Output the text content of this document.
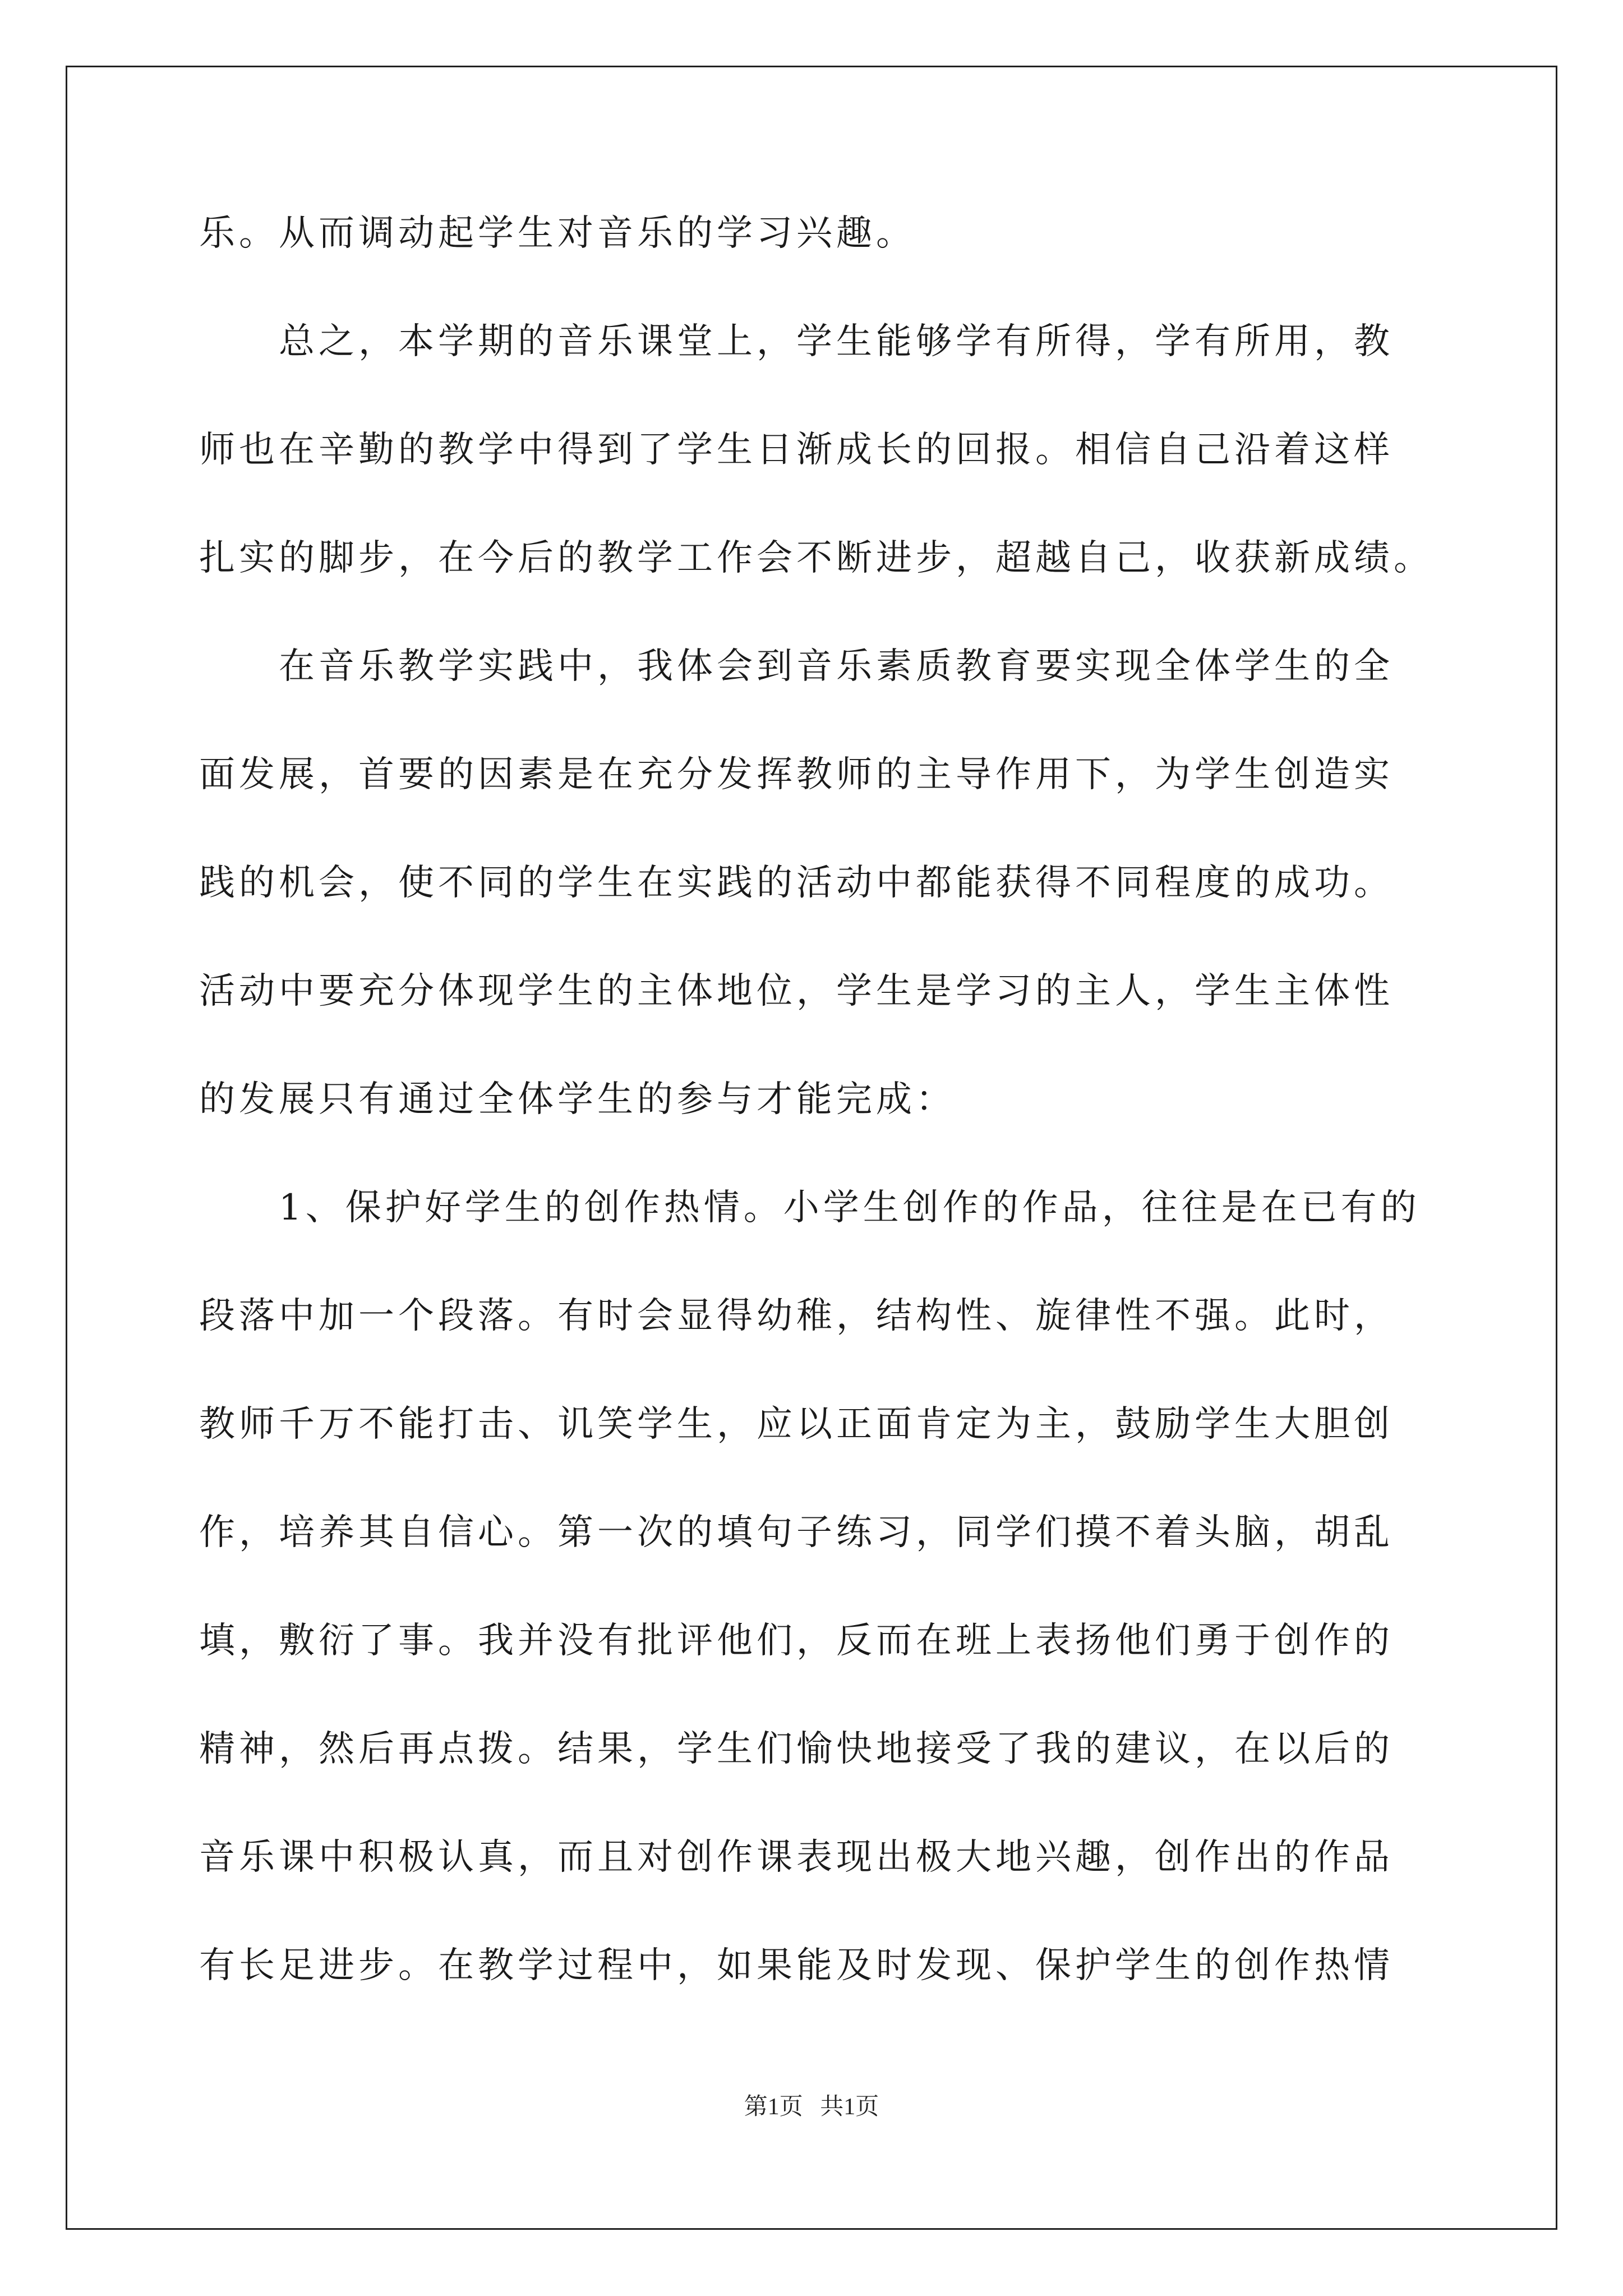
乐。从而调动起学生对音乐的学习兴趣。
　　总之，本学期的音乐课堂上，学生能够学有所得，学有所用，教
师也在辛勤的教学中得到了学生日渐成长的回报。相信自己沿着这样
扎实的脚步，在今后的教学工作会不断进步，超越自己，收获新成绩。
　　在音乐教学实践中，我体会到音乐素质教育要实现全体学生的全
面发展，首要的因素是在充分发挥教师的主导作用下，为学生创造实
践的机会，使不同的学生在实践的活动中都能获得不同程度的成功。
活动中要充分体现学生的主体地位，学生是学习的主人，学生主体性
的发展只有通过全体学生的参与才能完成：
　　1、保护好学生的创作热情。小学生创作的作品，往往是在已有的
段落中加一个段落。有时会显得幼稚，结构性、旋律性不强。此时，
教师千万不能打击、讥笑学生，应以正面肯定为主，鼓励学生大胆创
作，培养其自信心。第一次的填句子练习，同学们摸不着头脑，胡乱
填，敷衍了事。我并没有批评他们，反而在班上表扬他们勇于创作的
精神，然后再点拨。结果，学生们愉快地接受了我的建议，在以后的
音乐课中积极认真，而且对创作课表现出极大地兴趣，创作出的作品
有长足进步。在教学过程中，如果能及时发现、保护学生的创作热情
第1页 共1页
